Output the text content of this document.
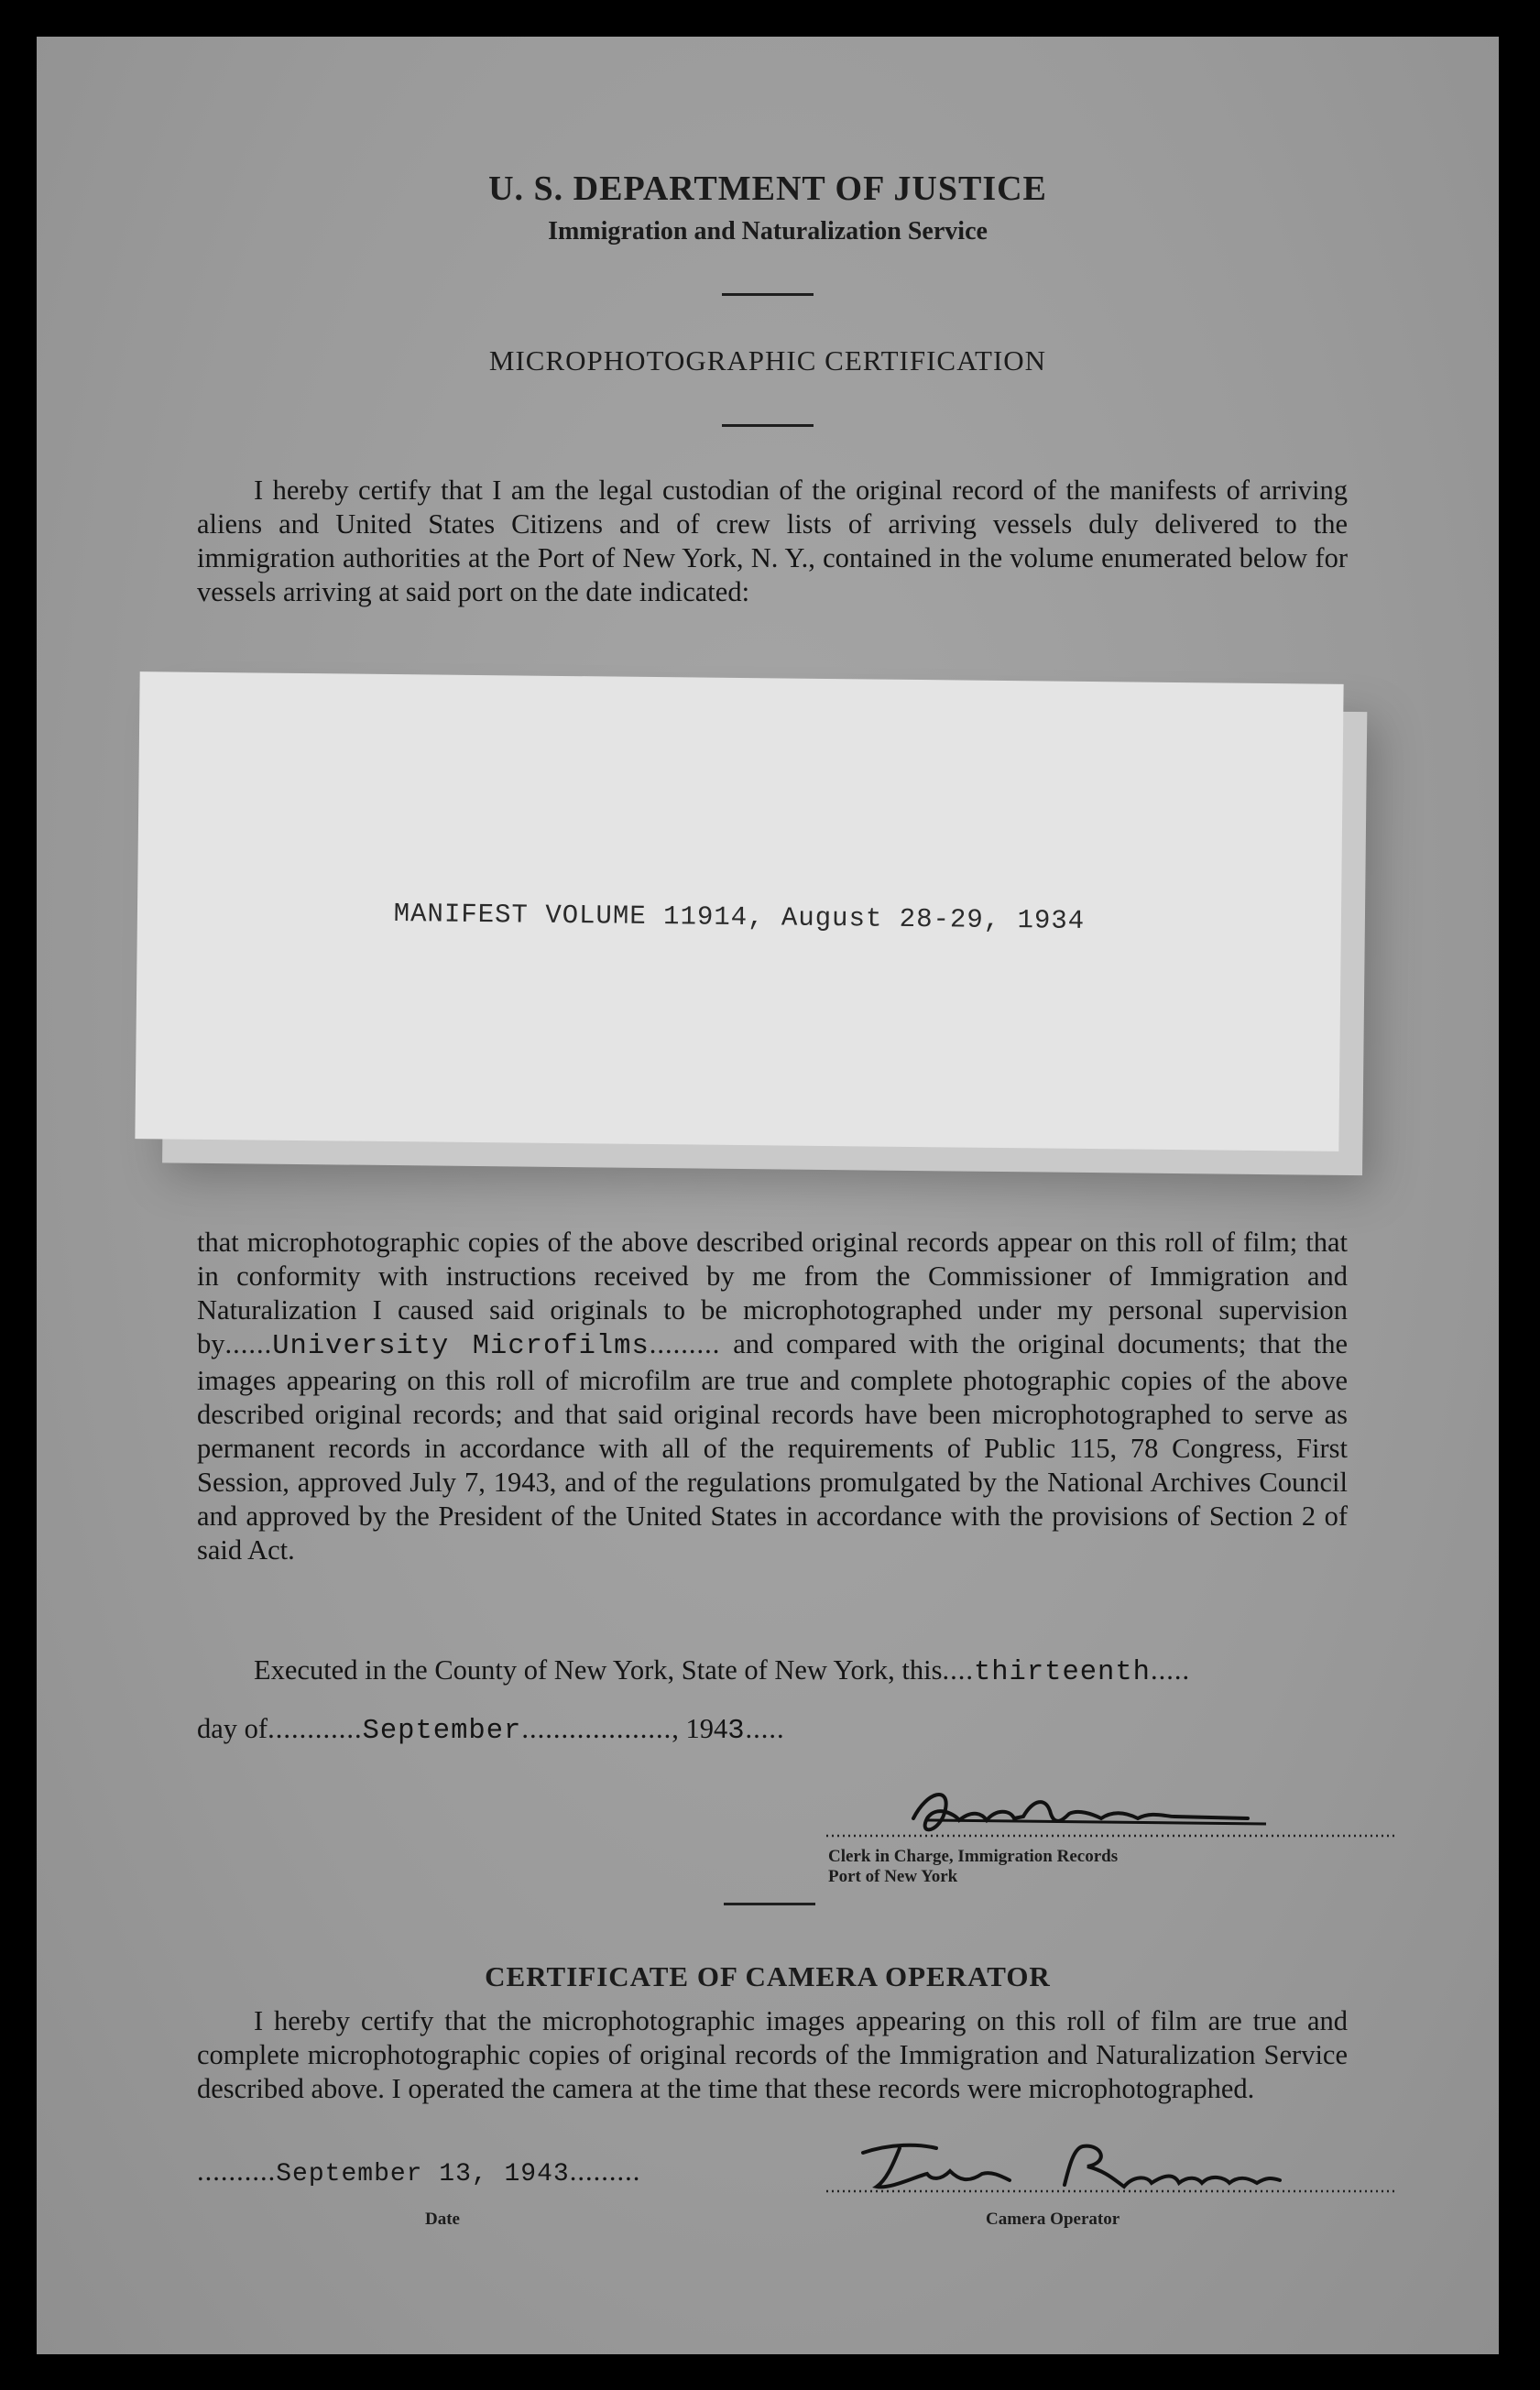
U. S. DEPARTMENT OF JUSTICE
Immigration and Naturalization Service
MICROPHOTOGRAPHIC CERTIFICATION
I hereby certify that I am the legal custodian of the original record of the manifests of arriving aliens and United States Citizens and of crew lists of arriving vessels duly delivered to the immigration authorities at the Port of New York, N. Y., contained in the volume enumerated below for vessels arriving at said port on the date indicated:
MANIFEST VOLUME 11914, August 28-29, 1934
that microphotographic copies of the above described original records appear on this roll of film; that in conformity with instructions received by me from the Commissioner of Immigration and Naturalization I caused said originals to be microphotographed under my personal supervision by......University Microfilms......... and compared with the original documents; that the images appearing on this roll of microfilm are true and complete photographic copies of the above described original records; and that said original records have been microphotographed to serve as permanent records in accordance with all of the requirements of Public 115, 78 Congress, First Session, approved July 7, 1943, and of the regulations promulgated by the National Archives Council and approved by the President of the United States in accordance with the provisions of Section 2 of said Act.
Executed in the County of New York, State of New York, this....thirteenth.....
day of............September..................., 1943.....
Clerk in Charge, Immigration Records
Port of New York
CERTIFICATE OF CAMERA OPERATOR
I hereby certify that the microphotographic images appearing on this roll of film are true and complete microphotographic copies of original records of the Immigration and Naturalization Service described above. I operated the camera at the time that these records were microphotographed.
..........September 13, 1943.........
Date	Camera Operator
